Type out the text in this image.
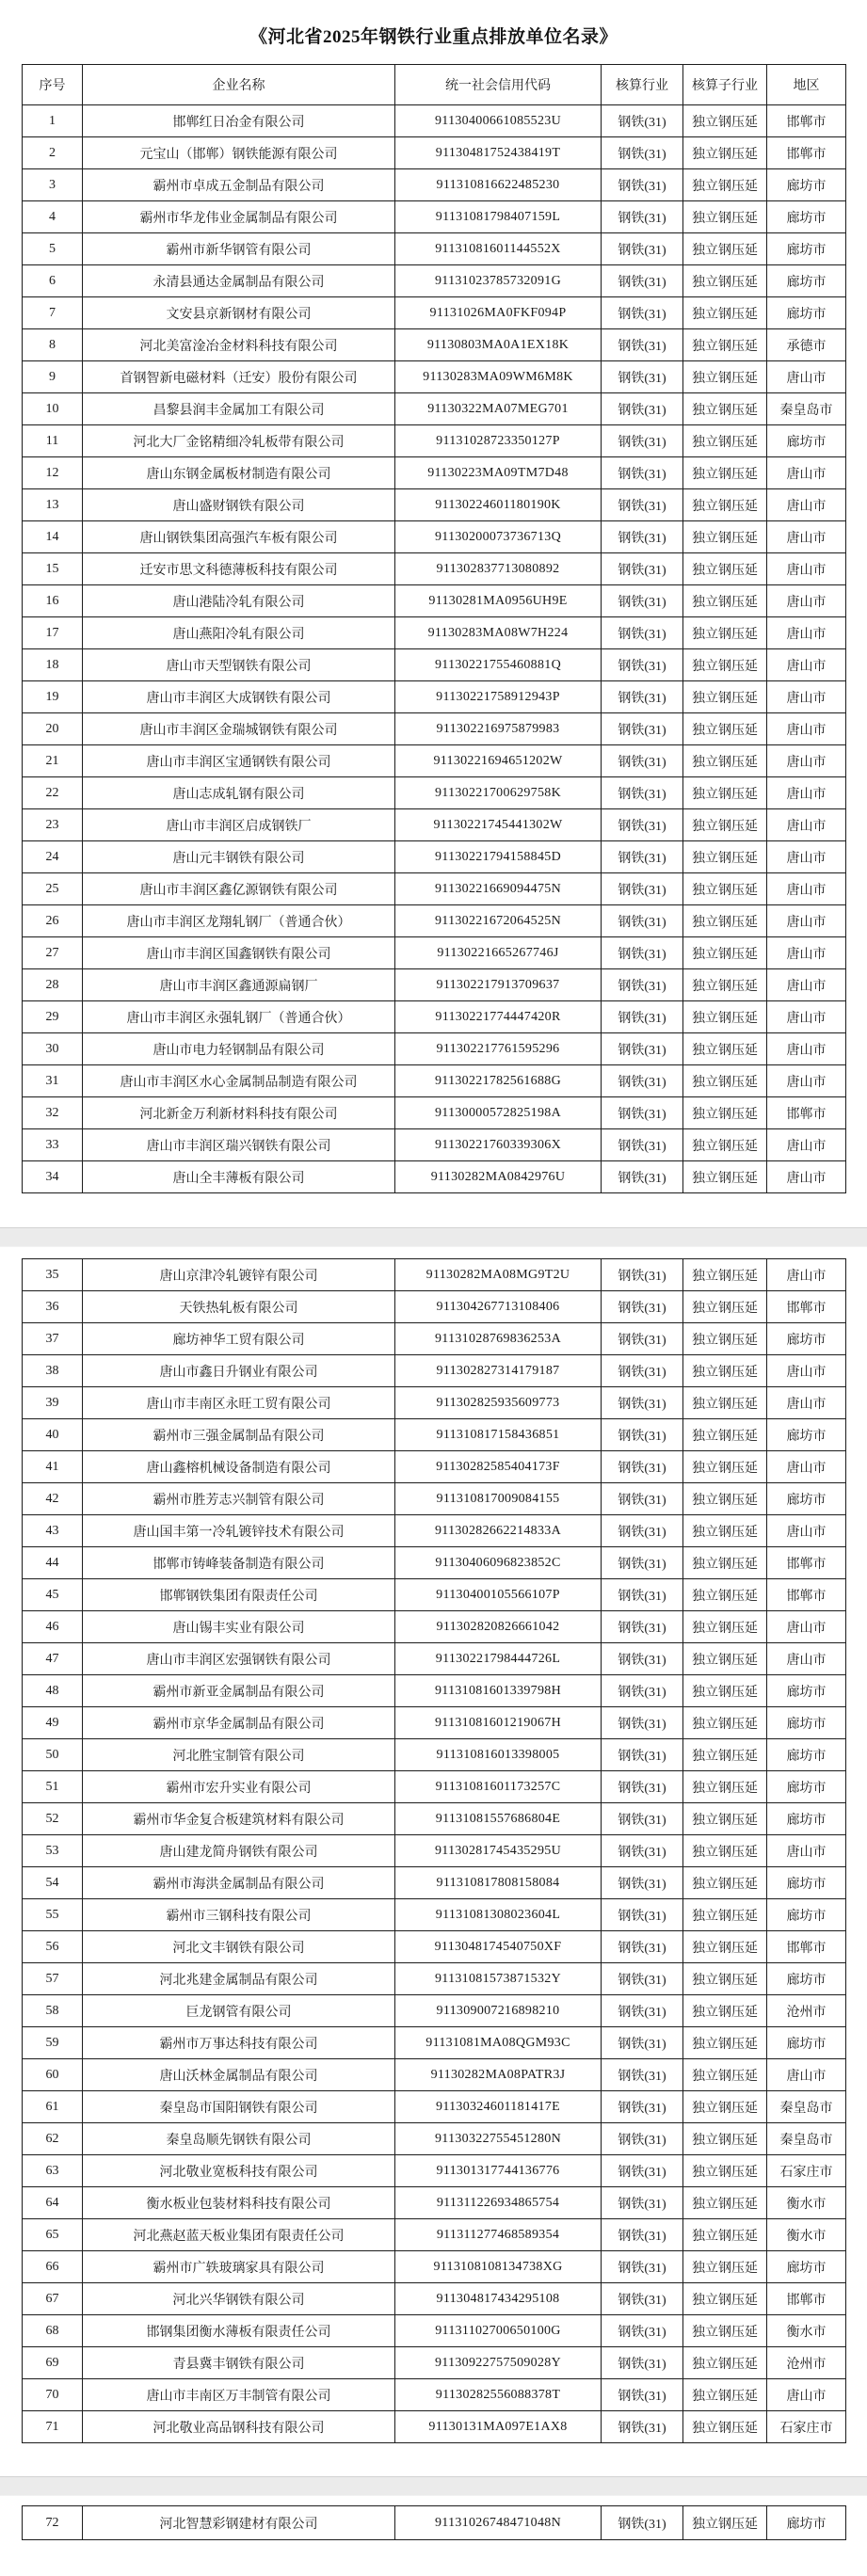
《河北省2025年钢铁行业重点排放单位名录》
序号	企业名称	统一社会信用代码	核算行业	核算子行业	地区
1	邯郸红日冶金有限公司	91130400661085523U	钢铁(31)	独立钢压延	邯郸市
2	元宝山（邯郸）钢铁能源有限公司	91130481752438419T	钢铁(31)	独立钢压延	邯郸市
3	霸州市卓成五金制品有限公司	911310816622485230	钢铁(31)	独立钢压延	廊坊市
4	霸州市华龙伟业金属制品有限公司	91131081798407159L	钢铁(31)	独立钢压延	廊坊市
5	霸州市新华钢管有限公司	91131081601144552X	钢铁(31)	独立钢压延	廊坊市
6	永清县通达金属制品有限公司	91131023785732091G	钢铁(31)	独立钢压延	廊坊市
7	文安县京新钢材有限公司	91131026MA0FKF094P	钢铁(31)	独立钢压延	廊坊市
8	河北美富淦冶金材料科技有限公司	91130803MA0A1EX18K	钢铁(31)	独立钢压延	承德市
9	首钢智新电磁材料（迁安）股份有限公司	91130283MA09WM6M8K	钢铁(31)	独立钢压延	唐山市
10	昌黎县润丰金属加工有限公司	91130322MA07MEG701	钢铁(31)	独立钢压延	秦皇岛市
11	河北大厂金铭精细冷轧板带有限公司	91131028723350127P	钢铁(31)	独立钢压延	廊坊市
12	唐山东钢金属板材制造有限公司	91130223MA09TM7D48	钢铁(31)	独立钢压延	唐山市
13	唐山盛财钢铁有限公司	91130224601180190K	钢铁(31)	独立钢压延	唐山市
14	唐山钢铁集团高强汽车板有限公司	91130200073736713Q	钢铁(31)	独立钢压延	唐山市
15	迁安市思文科德薄板科技有限公司	911302837713080892	钢铁(31)	独立钢压延	唐山市
16	唐山港陆冷轧有限公司	91130281MA0956UH9E	钢铁(31)	独立钢压延	唐山市
17	唐山燕阳冷轧有限公司	91130283MA08W7H224	钢铁(31)	独立钢压延	唐山市
18	唐山市天型钢铁有限公司	91130221755460881Q	钢铁(31)	独立钢压延	唐山市
19	唐山市丰润区大成钢铁有限公司	91130221758912943P	钢铁(31)	独立钢压延	唐山市
20	唐山市丰润区金瑞城钢铁有限公司	911302216975879983	钢铁(31)	独立钢压延	唐山市
21	唐山市丰润区宝通钢铁有限公司	91130221694651202W	钢铁(31)	独立钢压延	唐山市
22	唐山志成轧钢有限公司	91130221700629758K	钢铁(31)	独立钢压延	唐山市
23	唐山市丰润区启成钢铁厂	91130221745441302W	钢铁(31)	独立钢压延	唐山市
24	唐山元丰钢铁有限公司	91130221794158845D	钢铁(31)	独立钢压延	唐山市
25	唐山市丰润区鑫亿源钢铁有限公司	91130221669094475N	钢铁(31)	独立钢压延	唐山市
26	唐山市丰润区龙翔轧钢厂（普通合伙）	91130221672064525N	钢铁(31)	独立钢压延	唐山市
27	唐山市丰润区国鑫钢铁有限公司	91130221665267746J	钢铁(31)	独立钢压延	唐山市
28	唐山市丰润区鑫通源扁钢厂	911302217913709637	钢铁(31)	独立钢压延	唐山市
29	唐山市丰润区永强轧钢厂（普通合伙）	91130221774447420R	钢铁(31)	独立钢压延	唐山市
30	唐山市电力轻钢制品有限公司	911302217761595296	钢铁(31)	独立钢压延	唐山市
31	唐山市丰润区水心金属制品制造有限公司	91130221782561688G	钢铁(31)	独立钢压延	唐山市
32	河北新金万利新材料科技有限公司	91130000572825198A	钢铁(31)	独立钢压延	邯郸市
33	唐山市丰润区瑞兴钢铁有限公司	91130221760339306X	钢铁(31)	独立钢压延	唐山市
34	唐山全丰薄板有限公司	91130282MA0842976U	钢铁(31)	独立钢压延	唐山市
35	唐山京津冷轧镀锌有限公司	91130282MA08MG9T2U	钢铁(31)	独立钢压延	唐山市
36	天铁热轧板有限公司	911304267713108406	钢铁(31)	独立钢压延	邯郸市
37	廊坊神华工贸有限公司	91131028769836253A	钢铁(31)	独立钢压延	廊坊市
38	唐山市鑫日升钢业有限公司	911302827314179187	钢铁(31)	独立钢压延	唐山市
39	唐山市丰南区永旺工贸有限公司	911302825935609773	钢铁(31)	独立钢压延	唐山市
40	霸州市三强金属制品有限公司	911310817158436851	钢铁(31)	独立钢压延	廊坊市
41	唐山鑫榕机械设备制造有限公司	91130282585404173F	钢铁(31)	独立钢压延	唐山市
42	霸州市胜芳志兴制管有限公司	911310817009084155	钢铁(31)	独立钢压延	廊坊市
43	唐山国丰第一冷轧镀锌技术有限公司	91130282662214833A	钢铁(31)	独立钢压延	唐山市
44	邯郸市铸峰装备制造有限公司	91130406096823852C	钢铁(31)	独立钢压延	邯郸市
45	邯郸钢铁集团有限责任公司	91130400105566107P	钢铁(31)	独立钢压延	邯郸市
46	唐山锡丰实业有限公司	911302820826661042	钢铁(31)	独立钢压延	唐山市
47	唐山市丰润区宏强钢铁有限公司	91130221798444726L	钢铁(31)	独立钢压延	唐山市
48	霸州市新亚金属制品有限公司	91131081601339798H	钢铁(31)	独立钢压延	廊坊市
49	霸州市京华金属制品有限公司	91131081601219067H	钢铁(31)	独立钢压延	廊坊市
50	河北胜宝制管有限公司	911310816013398005	钢铁(31)	独立钢压延	廊坊市
51	霸州市宏升实业有限公司	91131081601173257C	钢铁(31)	独立钢压延	廊坊市
52	霸州市华金复合板建筑材料有限公司	91131081557686804E	钢铁(31)	独立钢压延	廊坊市
53	唐山建龙简舟钢铁有限公司	91130281745435295U	钢铁(31)	独立钢压延	唐山市
54	霸州市海洪金属制品有限公司	911310817808158084	钢铁(31)	独立钢压延	廊坊市
55	霸州市三钢科技有限公司	91131081308023604L	钢铁(31)	独立钢压延	廊坊市
56	河北文丰钢铁有限公司	9113048174540750XF	钢铁(31)	独立钢压延	邯郸市
57	河北兆建金属制品有限公司	91131081573871532Y	钢铁(31)	独立钢压延	廊坊市
58	巨龙钢管有限公司	911309007216898210	钢铁(31)	独立钢压延	沧州市
59	霸州市万事达科技有限公司	91131081MA08QGM93C	钢铁(31)	独立钢压延	廊坊市
60	唐山沃林金属制品有限公司	91130282MA08PATR3J	钢铁(31)	独立钢压延	唐山市
61	秦皇岛市国阳钢铁有限公司	91130324601181417E	钢铁(31)	独立钢压延	秦皇岛市
62	秦皇岛顺先钢铁有限公司	91130322755451280N	钢铁(31)	独立钢压延	秦皇岛市
63	河北敬业宽板科技有限公司	911301317744136776	钢铁(31)	独立钢压延	石家庄市
64	衡水板业包装材料科技有限公司	911311226934865754	钢铁(31)	独立钢压延	衡水市
65	河北燕赵蓝天板业集团有限责任公司	911311277468589354	钢铁(31)	独立钢压延	衡水市
66	霸州市广轶玻璃家具有限公司	9113108108134738XG	钢铁(31)	独立钢压延	廊坊市
67	河北兴华钢铁有限公司	911304817434295108	钢铁(31)	独立钢压延	邯郸市
68	邯钢集团衡水薄板有限责任公司	91131102700650100G	钢铁(31)	独立钢压延	衡水市
69	青县冀丰钢铁有限公司	91130922757509028Y	钢铁(31)	独立钢压延	沧州市
70	唐山市丰南区万丰制管有限公司	91130282556088378T	钢铁(31)	独立钢压延	唐山市
71	河北敬业高品钢科技有限公司	91130131MA097E1AX8	钢铁(31)	独立钢压延	石家庄市
72	河北智慧彩钢建材有限公司	91131026748471048N	钢铁(31)	独立钢压延	廊坊市
